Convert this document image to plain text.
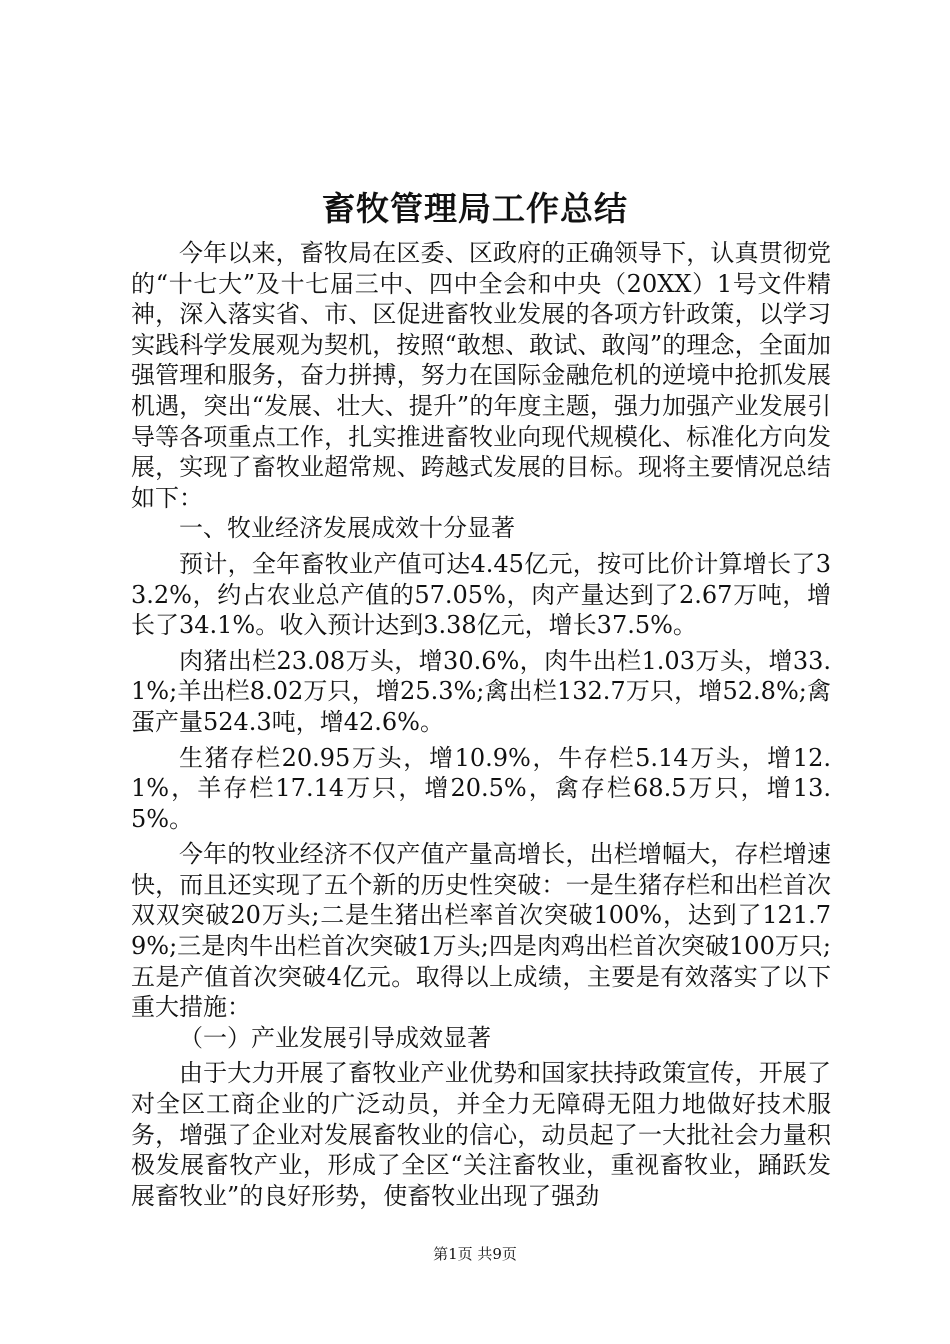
畜牧管理局工作总结

今年以来，畜牧局在区委、区政府的正确领导下，认真贯彻党的“十七大”及十七届三中、四中全会和中央（20XX）1号文件精神，深入落实省、市、区促进畜牧业发展的各项方针政策，以学习实践科学发展观为契机，按照“敢想、敢试、敢闯”的理念，全面加强管理和服务，奋力拼搏，努力在国际金融危机的逆境中抢抓发展机遇，突出“发展、壮大、提升”的年度主题，强力加强产业发展引导等各项重点工作，扎实推进畜牧业向现代规模化、标准化方向发展，实现了畜牧业超常规、跨越式发展的目标。现将主要情况总结如下：

一、牧业经济发展成效十分显著

预计，全年畜牧业产值可达4.45亿元，按可比价计算增长了33.2%，约占农业总产值的57.05%，肉产量达到了2.67万吨，增长了34.1%。收入预计达到3.38亿元，增长37.5%。

肉猪出栏23.08万头，增30.6%，肉牛出栏1.03万头，增33.1%;羊出栏8.02万只，增25.3%;禽出栏132.7万只，增52.8%;禽蛋产量524.3吨，增42.6%。

生猪存栏20.95万头，增10.9%，牛存栏5.14万头，增12.1%，羊存栏17.14万只，增20.5%，禽存栏68.5万只，增13.5%。

今年的牧业经济不仅产值产量高增长，出栏增幅大，存栏增速快，而且还实现了五个新的历史性突破：一是生猪存栏和出栏首次双双突破20万头;二是生猪出栏率首次突破100%，达到了121.79%;三是肉牛出栏首次突破1万头;四是肉鸡出栏首次突破100万只;五是产值首次突破4亿元。取得以上成绩，主要是有效落实了以下重大措施：

（一）产业发展引导成效显著

由于大力开展了畜牧业产业优势和国家扶持政策宣传，开展了对全区工商企业的广泛动员，并全力无障碍无阻力地做好技术服务，增强了企业对发展畜牧业的信心，动员起了一大批社会力量积极发展畜牧产业，形成了全区“关注畜牧业，重视畜牧业，踊跃发展畜牧业”的良好形势，使畜牧业出现了强劲

第1页 共9页
